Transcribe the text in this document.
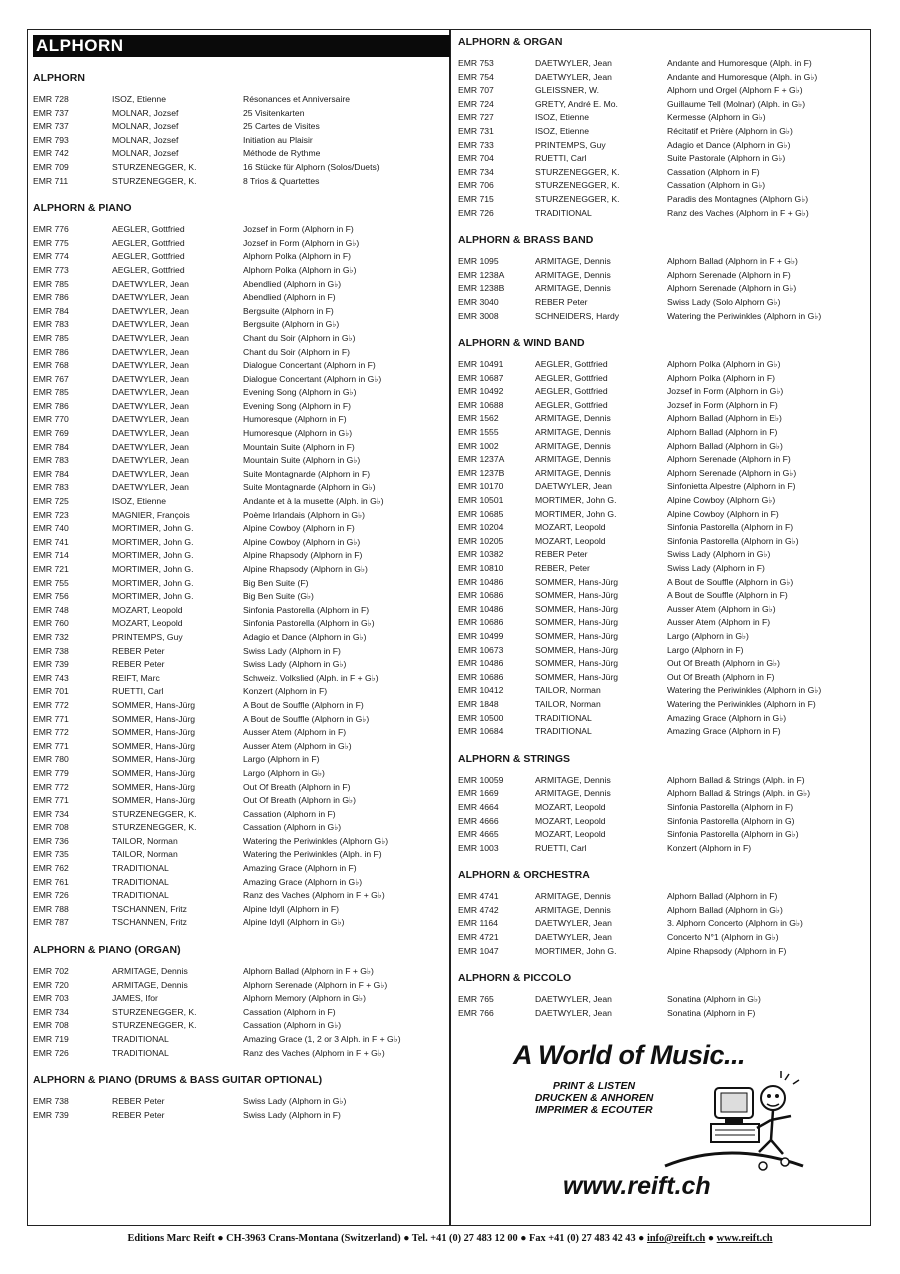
ALPHORN
ALPHORN
EMR 728	ISOZ, Etienne	Résonances et Anniversaire
EMR 737	MOLNAR, Jozsef	25 Visitenkarten
EMR 737	MOLNAR, Jozsef	25 Cartes de Visites
EMR 793	MOLNAR, Jozsef	Initiation au Plaisir
EMR 742	MOLNAR, Jozsef	Méthode de Rythme
EMR 709	STURZENEGGER, K.	16 Stücke für Alphorn (Solos/Duets)
EMR 711	STURZENEGGER, K.	8 Trios & Quartettes
ALPHORN & PIANO
EMR 776	AEGLER, Gottfried	Jozsef in Form (Alphorn in F)
EMR 775	AEGLER, Gottfried	Jozsef in Form (Alphorn in G♭)
EMR 774	AEGLER, Gottfried	Alphorn Polka (Alphorn in F)
EMR 773	AEGLER, Gottfried	Alphorn Polka (Alphorn in G♭)
EMR 785	DAETWYLER, Jean	Abendlied (Alphorn in G♭)
EMR 786	DAETWYLER, Jean	Abendlied (Alphorn in F)
EMR 784	DAETWYLER, Jean	Bergsuite (Alphorn in F)
EMR 783	DAETWYLER, Jean	Bergsuite (Alphorn in G♭)
EMR 785	DAETWYLER, Jean	Chant du Soir (Alphorn in G♭)
EMR 786	DAETWYLER, Jean	Chant du Soir (Alphorn in F)
EMR 768	DAETWYLER, Jean	Dialogue Concertant (Alphorn in F)
EMR 767	DAETWYLER, Jean	Dialogue Concertant (Alphorn in G♭)
EMR 785	DAETWYLER, Jean	Evening Song (Alphorn in G♭)
EMR 786	DAETWYLER, Jean	Evening Song (Alphorn in F)
EMR 770	DAETWYLER, Jean	Humoresque (Alphorn in F)
EMR 769	DAETWYLER, Jean	Humoresque (Alphorn in G♭)
EMR 784	DAETWYLER, Jean	Mountain Suite (Alphorn in F)
EMR 783	DAETWYLER, Jean	Mountain Suite (Alphorn in G♭)
EMR 784	DAETWYLER, Jean	Suite Montagnarde (Alphorn in F)
EMR 783	DAETWYLER, Jean	Suite Montagnarde (Alphorn in G♭)
EMR 725	ISOZ, Etienne	Andante et à la musette (Alph. in G♭)
EMR 723	MAGNIER, François	Poème Irlandais (Alphorn in G♭)
EMR 740	MORTIMER, John G.	Alpine Cowboy (Alphorn in F)
EMR 741	MORTIMER, John G.	Alpine Cowboy (Alphorn in G♭)
EMR 714	MORTIMER, John G.	Alpine Rhapsody (Alphorn in F)
EMR 721	MORTIMER, John G.	Alpine Rhapsody (Alphorn in G♭)
EMR 755	MORTIMER, John G.	Big Ben Suite (F)
EMR 756	MORTIMER, John G.	Big Ben Suite (G♭)
EMR 748	MOZART, Leopold	Sinfonia Pastorella (Alphorn in F)
EMR 760	MOZART, Leopold	Sinfonia Pastorella (Alphorn in G♭)
EMR 732	PRINTEMPS, Guy	Adagio et Dance (Alphorn in G♭)
EMR 738	REBER Peter	Swiss Lady (Alphorn in F)
EMR 739	REBER Peter	Swiss Lady (Alphorn in G♭)
EMR 743	REIFT, Marc	Schweiz. Volkslied (Alph. in F + G♭)
EMR 701	RUETTI, Carl	Konzert (Alphorn in F)
EMR 772	SOMMER, Hans-Jürg	A Bout de Souffle (Alphorn in F)
EMR 771	SOMMER, Hans-Jürg	A Bout de Souffle (Alphorn in G♭)
EMR 772	SOMMER, Hans-Jürg	Ausser Atem (Alphorn in F)
EMR 771	SOMMER, Hans-Jürg	Ausser Atem (Alphorn in G♭)
EMR 780	SOMMER, Hans-Jürg	Largo (Alphorn in F)
EMR 779	SOMMER, Hans-Jürg	Largo (Alphorn in G♭)
EMR 772	SOMMER, Hans-Jürg	Out Of Breath (Alphorn in F)
EMR 771	SOMMER, Hans-Jürg	Out Of Breath (Alphorn in G♭)
EMR 734	STURZENEGGER, K.	Cassation (Alphorn in F)
EMR 708	STURZENEGGER, K.	Cassation (Alphorn in G♭)
EMR 736	TAILOR, Norman	Watering the Periwinkles (Alphorn G♭)
EMR 735	TAILOR, Norman	Watering the Periwinkles (Alph. in F)
EMR 762	TRADITIONAL	Amazing Grace (Alphorn in F)
EMR 761	TRADITIONAL	Amazing Grace (Alphorn in G♭)
EMR 726	TRADITIONAL	Ranz des Vaches (Alphorn in F + G♭)
EMR 788	TSCHANNEN, Fritz	Alpine Idyll (Alphorn in F)
EMR 787	TSCHANNEN, Fritz	Alpine Idyll (Alphorn in G♭)
ALPHORN & PIANO (ORGAN)
EMR 702	ARMITAGE, Dennis	Alphorn Ballad (Alphorn in F + G♭)
EMR 720	ARMITAGE, Dennis	Alphorn Serenade (Alphorn in F + G♭)
EMR 703	JAMES, Ifor	Alphorn Memory (Alphorn in G♭)
EMR 734	STURZENEGGER, K.	Cassation (Alphorn in F)
EMR 708	STURZENEGGER, K.	Cassation (Alphorn in G♭)
EMR 719	TRADITIONAL	Amazing Grace (1, 2 or 3 Alph. in F + G♭)
EMR 726	TRADITIONAL	Ranz des Vaches (Alphorn in F + G♭)
ALPHORN & PIANO (DRUMS & BASS GUITAR OPTIONAL)
EMR 738	REBER Peter	Swiss Lady (Alphorn in G♭)
EMR 739	REBER Peter	Swiss Lady (Alphorn in F)
ALPHORN & ORGAN
EMR 753	DAETWYLER, Jean	Andante and Humoresque (Alph. in F)
EMR 754	DAETWYLER, Jean	Andante and Humoresque (Alph. in G♭)
EMR 707	GLEISSNER, W.	Alphorn und Orgel (Alphorn F + G♭)
EMR 724	GRETY, André E. Mo.	Guillaume Tell (Molnar) (Alph. in G♭)
EMR 727	ISOZ, Etienne	Kermesse (Alphorn in G♭)
EMR 731	ISOZ, Etienne	Récitatif et Prière (Alphorn in G♭)
EMR 733	PRINTEMPS, Guy	Adagio et Dance (Alphorn in G♭)
EMR 704	RUETTI, Carl	Suite Pastorale (Alphorn in G♭)
EMR 734	STURZENEGGER, K.	Cassation (Alphorn in F)
EMR 706	STURZENEGGER, K.	Cassation (Alphorn in G♭)
EMR 715	STURZENEGGER, K.	Paradis des Montagnes (Alphorn G♭)
EMR 726	TRADITIONAL	Ranz des Vaches (Alphorn in F + G♭)
ALPHORN & BRASS BAND
EMR 1095	ARMITAGE, Dennis	Alphorn Ballad (Alphorn in F + G♭)
EMR 1238A	ARMITAGE, Dennis	Alphorn Serenade (Alphorn in F)
EMR 1238B	ARMITAGE, Dennis	Alphorn Serenade (Alphorn in G♭)
EMR 3040	REBER Peter	Swiss Lady (Solo Alphorn G♭)
EMR 3008	SCHNEIDERS, Hardy	Watering the Periwinkles (Alphorn in G♭)
ALPHORN & WIND BAND
EMR 10491	AEGLER, Gottfried	Alphorn Polka (Alphorn in G♭)
EMR 10687	AEGLER, Gottfried	Alphorn Polka (Alphorn in F)
EMR 10492	AEGLER, Gottfried	Jozsef in Form (Alphorn in G♭)
EMR 10688	AEGLER, Gottfried	Jozsef in Form (Alphorn in F)
EMR 1562	ARMITAGE, Dennis	Alphorn Ballad (Alphorn in E♭)
EMR 1555	ARMITAGE, Dennis	Alphorn Ballad (Alphorn in F)
EMR 1002	ARMITAGE, Dennis	Alphorn Ballad (Alphorn in G♭)
EMR 1237A	ARMITAGE, Dennis	Alphorn Serenade (Alphorn in F)
EMR 1237B	ARMITAGE, Dennis	Alphorn Serenade (Alphorn in G♭)
EMR 10170	DAETWYLER, Jean	Sinfonietta Alpestre (Alphorn in F)
EMR 10501	MORTIMER, John G.	Alpine Cowboy (Alphorn G♭)
EMR 10685	MORTIMER, John G.	Alpine Cowboy (Alphorn in F)
EMR 10204	MOZART, Leopold	Sinfonia Pastorella (Alphorn in F)
EMR 10205	MOZART, Leopold	Sinfonia Pastorella (Alphorn in G♭)
EMR 10382	REBER Peter	Swiss Lady (Alphorn in G♭)
EMR 10810	REBER, Peter	Swiss Lady (Alphorn in F)
EMR 10486	SOMMER, Hans-Jürg	A Bout de Souffle (Alphorn in G♭)
EMR 10686	SOMMER, Hans-Jürg	A Bout de Souffle (Alphorn in F)
EMR 10486	SOMMER, Hans-Jürg	Ausser Atem (Alphorn in G♭)
EMR 10686	SOMMER, Hans-Jürg	Ausser Atem (Alphorn in F)
EMR 10499	SOMMER, Hans-Jürg	Largo (Alphorn in G♭)
EMR 10673	SOMMER, Hans-Jürg	Largo (Alphorn in F)
EMR 10486	SOMMER, Hans-Jürg	Out Of Breath (Alphorn in G♭)
EMR 10686	SOMMER, Hans-Jürg	Out Of Breath (Alphorn in F)
EMR 10412	TAILOR, Norman	Watering the Periwinkles (Alphorn in G♭)
EMR 1848	TAILOR, Norman	Watering the Periwinkles (Alphorn in F)
EMR 10500	TRADITIONAL	Amazing Grace (Alphorn in G♭)
EMR 10684	TRADITIONAL	Amazing Grace (Alphorn in F)
ALPHORN & STRINGS
EMR 10059	ARMITAGE, Dennis	Alphorn Ballad & Strings (Alph. in F)
EMR 1669	ARMITAGE, Dennis	Alphorn Ballad & Strings (Alph. in G♭)
EMR 4664	MOZART, Leopold	Sinfonia Pastorella (Alphorn in F)
EMR 4666	MOZART, Leopold	Sinfonia Pastorella (Alphorn in G)
EMR 4665	MOZART, Leopold	Sinfonia Pastorella (Alphorn in G♭)
EMR 1003	RUETTI, Carl	Konzert (Alphorn in F)
ALPHORN & ORCHESTRA
EMR 4741	ARMITAGE, Dennis	Alphorn Ballad (Alphorn in F)
EMR 4742	ARMITAGE, Dennis	Alphorn Ballad (Alphorn in G♭)
EMR 1164	DAETWYLER, Jean	3. Alphorn Concerto (Alphorn in G♭)
EMR 4721	DAETWYLER, Jean	Concerto N°1 (Alphorn in G♭)
EMR 1047	MORTIMER, John G.	Alpine Rhapsody (Alphorn in F)
ALPHORN & PICCOLO
EMR 765	DAETWYLER, Jean	Sonatina (Alphorn in G♭)
EMR 766	DAETWYLER, Jean	Sonatina (Alphorn in F)
A World of Music...
PRINT & LISTEN
DRUCKEN & ANHOREN
IMPRIMER & ECOUTER
www.reift.ch
Editions Marc Reift ● CH-3963 Crans-Montana (Switzerland) ● Tel. +41 (0) 27 483 12 00 ● Fax +41 (0) 27 483 42 43 ● info@reift.ch ● www.reift.ch
